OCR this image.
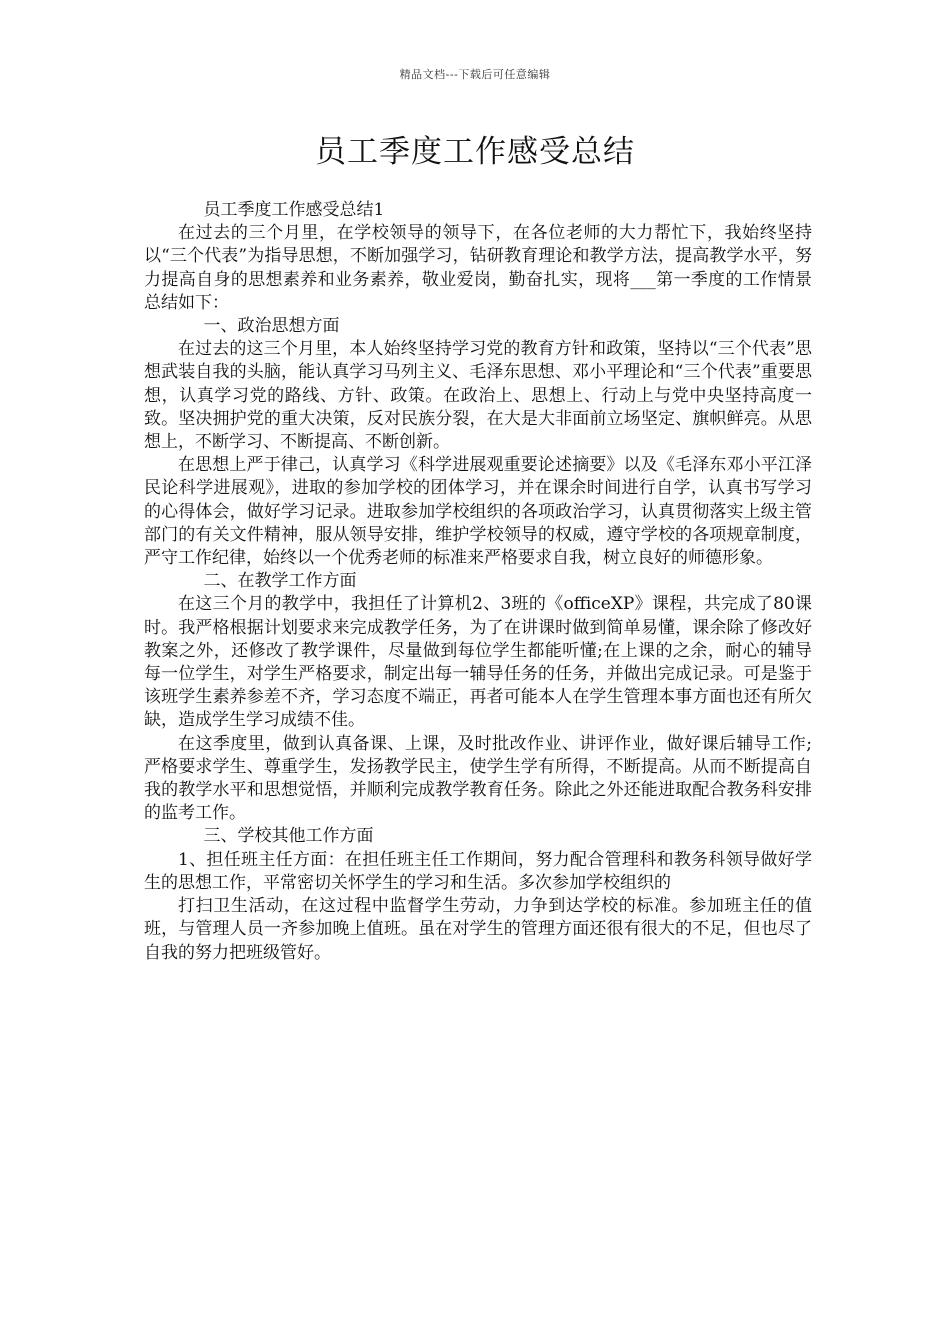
精品文档---下载后可任意编辑
员工季度工作感受总结

员工季度工作感受总结1

在过去的三个月里，在学校领导的领导下，在各位老师的大力帮忙下，我始终坚持以“三个代表”为指导思想，不断加强学习，钻研教育理论和教学方法，提高教学水平，努力提高自身的思想素养和业务素养，敬业爱岗，勤奋扎实，现将___第一季度的工作情景总结如下：

一、政治思想方面

在过去的这三个月里，本人始终坚持学习党的教育方针和政策，坚持以“三个代表”思想武装自我的头脑，能认真学习马列主义、毛泽东思想、邓小平理论和“三个代表”重要思想，认真学习党的路线、方针、政策。在政治上、思想上、行动上与党中央坚持高度一致。坚决拥护党的重大决策，反对民族分裂，在大是大非面前立场坚定、旗帜鲜亮。从思想上，不断学习、不断提高、不断创新。

在思想上严于律己，认真学习《科学进展观重要论述摘要》以及《毛泽东邓小平江泽民论科学进展观》，进取的参加学校的团体学习，并在课余时间进行自学，认真书写学习的心得体会，做好学习记录。进取参加学校组织的各项政治学习，认真贯彻落实上级主管部门的有关文件精神，服从领导安排，维护学校领导的权威，遵守学校的各项规章制度，严守工作纪律，始终以一个优秀老师的标准来严格要求自我，树立良好的师德形象。

二、在教学工作方面

在这三个月的教学中，我担任了计算机2、3班的《officeXP》课程，共完成了80课时。我严格根据计划要求来完成教学任务，为了在讲课时做到简单易懂，课余除了修改好教案之外，还修改了教学课件，尽量做到每位学生都能听懂;在上课的之余，耐心的辅导每一位学生，对学生严格要求，制定出每一辅导任务的任务，并做出完成记录。可是鉴于该班学生素养参差不齐，学习态度不端正，再者可能本人在学生管理本事方面也还有所欠缺，造成学生学习成绩不佳。

在这季度里，做到认真备课、上课，及时批改作业、讲评作业，做好课后辅导工作;严格要求学生、尊重学生，发扬教学民主，使学生学有所得，不断提高。从而不断提高自我的教学水平和思想觉悟，并顺利完成教学教育任务。除此之外还能进取配合教务科安排的监考工作。

三、学校其他工作方面

1、担任班主任方面：在担任班主任工作期间，努力配合管理科和教务科领导做好学生的思想工作，平常密切关怀学生的学习和生活。多次参加学校组织的

打扫卫生活动，在这过程中监督学生劳动，力争到达学校的标准。参加班主任的值班，与管理人员一齐参加晚上值班。虽在对学生的管理方面还很有很大的不足，但也尽了自我的努力把班级管好。
